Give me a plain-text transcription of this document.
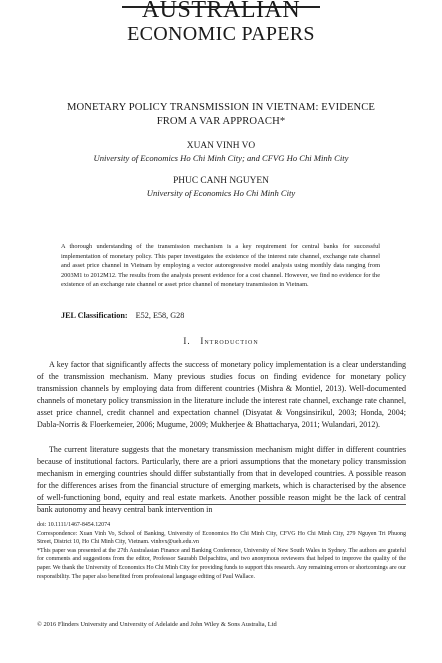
AUSTRALIAN
ECONOMIC PAPERS
MONETARY POLICY TRANSMISSION IN VIETNAM: EVIDENCE
FROM A VAR APPROACH*
XUAN VINH VO
University of Economics Ho Chi Minh City; and CFVG Ho Chi Minh City
PHUC CANH NGUYEN
University of Economics Ho Chi Minh City
A thorough understanding of the transmission mechanism is a key requirement for central banks for successful implementation of monetary policy. This paper investigates the existence of the interest rate channel, exchange rate channel and asset price channel in Vietnam by employing a vector autoregressive model analysis using monthly data ranging from 2003M1 to 2012M12. The results from the analysis present evidence for a cost channel. However, we find no evidence for the existence of an exchange rate channel or asset price channel of monetary transmission in Vietnam.
JEL Classification: E52, E58, G28
I. Introduction
A key factor that significantly affects the success of monetary policy implementation is a clear understanding of the transmission mechanism. Many previous studies focus on finding evidence for monetary policy transmission channels by employing data from different countries (Mishra & Montiel, 2013). Well-documented channels of monetary policy transmission in the literature include the interest rate channel, exchange rate channel, asset price channel, credit channel and expectation channel (Disyatat & Vongsinsirikul, 2003; Honda, 2004; Dabla-Norris & Floerkemeier, 2006; Mugume, 2009; Mukherjee & Bhattacharya, 2011; Wulandari, 2012).
The current literature suggests that the monetary transmission mechanism might differ in different countries because of institutional factors. Particularly, there are a priori assumptions that the monetary policy transmission mechanism in emerging countries should differ substantially from that in developed countries. A possible reason for the differences arises from the financial structure of emerging markets, which is characterised by the absence of well-functioning bond, equity and real estate markets. Another possible reason might be the lack of central bank autonomy and heavy central bank intervention in
doi: 10.1111/1467-8454.12074
Correspondence: Xuan Vinh Vo, School of Banking, University of Economics Ho Chi Minh City, CFVG Ho Chi Minh City, 279 Nguyen Tri Phuong Street, District 10, Ho Chi Minh City, Vietnam. vinhvx@ueh.edu.vn
*This paper was presented at the 27th Australasian Finance and Banking Conference, University of New South Wales in Sydney. The authors are grateful for comments and suggestions from the editor, Professor Saurabh Delpachitra, and two anonymous reviewers that helped to improve the quality of the paper. We thank the University of Economics Ho Chi Minh City for providing funds to support this research. Any remaining errors or shortcomings are our responsibility. The paper also benefited from professional language editing of Paul Wallace.
© 2016 Flinders University and University of Adelaide and John Wiley & Sons Australia, Ltd
